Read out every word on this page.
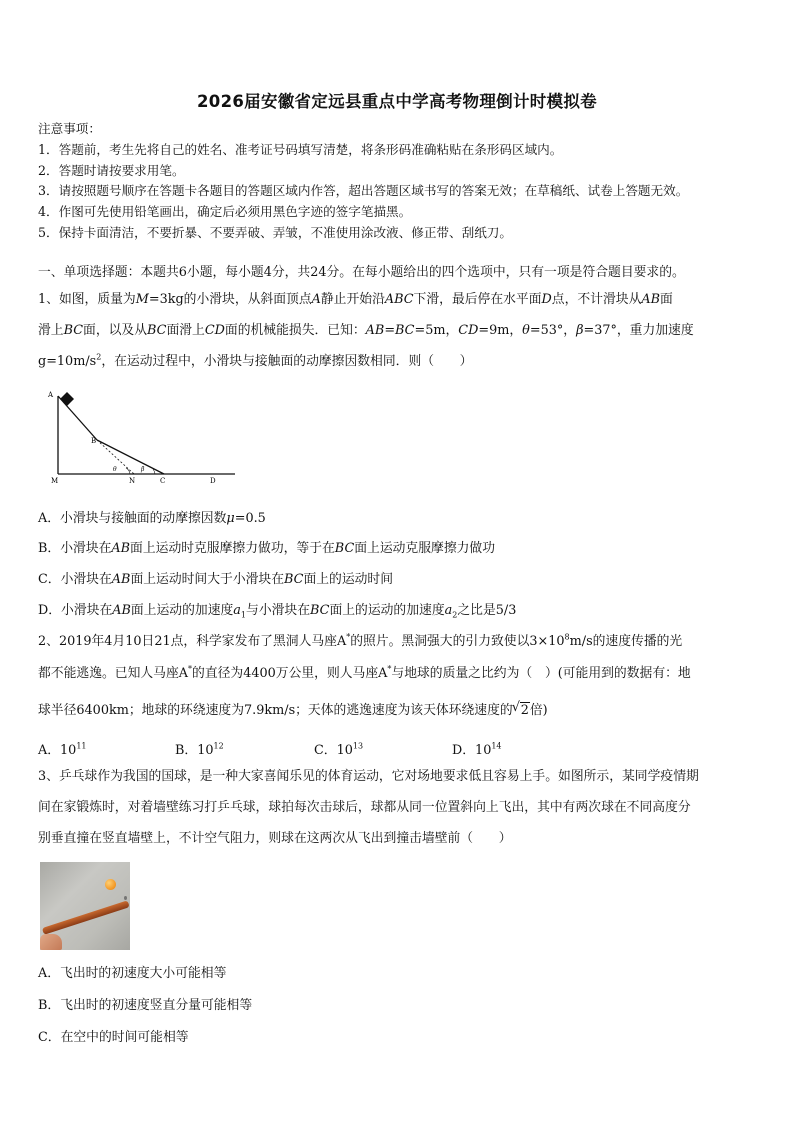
2026届安徽省定远县重点中学高考物理倒计时模拟卷
注意事项：
1．答题前，考生先将自己的姓名、准考证号码填写清楚，将条形码准确粘贴在条形码区域内。
2．答题时请按要求用笔。
3．请按照题号顺序在答题卡各题目的答题区域内作答，超出答题区域书写的答案无效；在草稿纸、试卷上答题无效。
4．作图可先使用铅笔画出，确定后必须用黑色字迹的签字笔描黑。
5．保持卡面清洁，不要折暴、不要弄破、弄皱，不准使用涂改液、修正带、刮纸刀。
一、单项选择题：本题共6小题，每小题4分，共24分。在每小题给出的四个选项中，只有一项是符合题目要求的。
1、如图，质量为M=3kg的小滑块，从斜面顶点A静止开始沿ABC下滑，最后停在水平面D点，不计滑块从AB面
滑上BC面，以及从BC面滑上CD面的机械能损失．已知：AB=BC=5m，CD=9m，θ=53°，β=37°，重力加速度
$g=10m/s^2$，在运动过程中，小滑块与接触面的动摩擦因数相同．则（　　）
A
B
M	N	C	D
θ	β
A．小滑块与接触面的动摩擦因数μ=0.5
B．小滑块在AB面上运动时克服摩擦力做功，等于在BC面上运动克服摩擦力做功
C．小滑块在AB面上运动时间大于小滑块在BC面上的运动时间
D．小滑块在AB面上运动的加速度$a_1$与小滑块在BC面上的运动的加速度$a_2$之比是5/3
2、2019年4月10日21点，科学家发布了黑洞人马座A*的照片。黑洞强大的引力致使以$3\times 10^8m/s$的速度传播的光
都不能逃逸。已知人马座A*的直径为4400万公里，则人马座A*与地球的质量之比约为（　）(可能用到的数据有：地
球半径6400km；地球的环绕速度为7.9km/s；天体的逃逸速度为该天体环绕速度的 √ 2倍)
A．$10^{11}$	B．$10^{12}$	C．$10^{13}$	D．$10^{14}$
3、乒乓球作为我国的国球，是一种大家喜闻乐见的体育运动，它对场地要求低且容易上手。如图所示，某同学疫情期
间在家锻炼时，对着墙壁练习打乒乓球，球拍每次击球后，球都从同一位置斜向上飞出，其中有两次球在不同高度分
别垂直撞在竖直墙壁上，不计空气阻力，则球在这两次从飞出到撞击墙壁前（　　）
A．飞出时的初速度大小可能相等
B．飞出时的初速度竖直分量可能相等
C．在空中的时间可能相等
